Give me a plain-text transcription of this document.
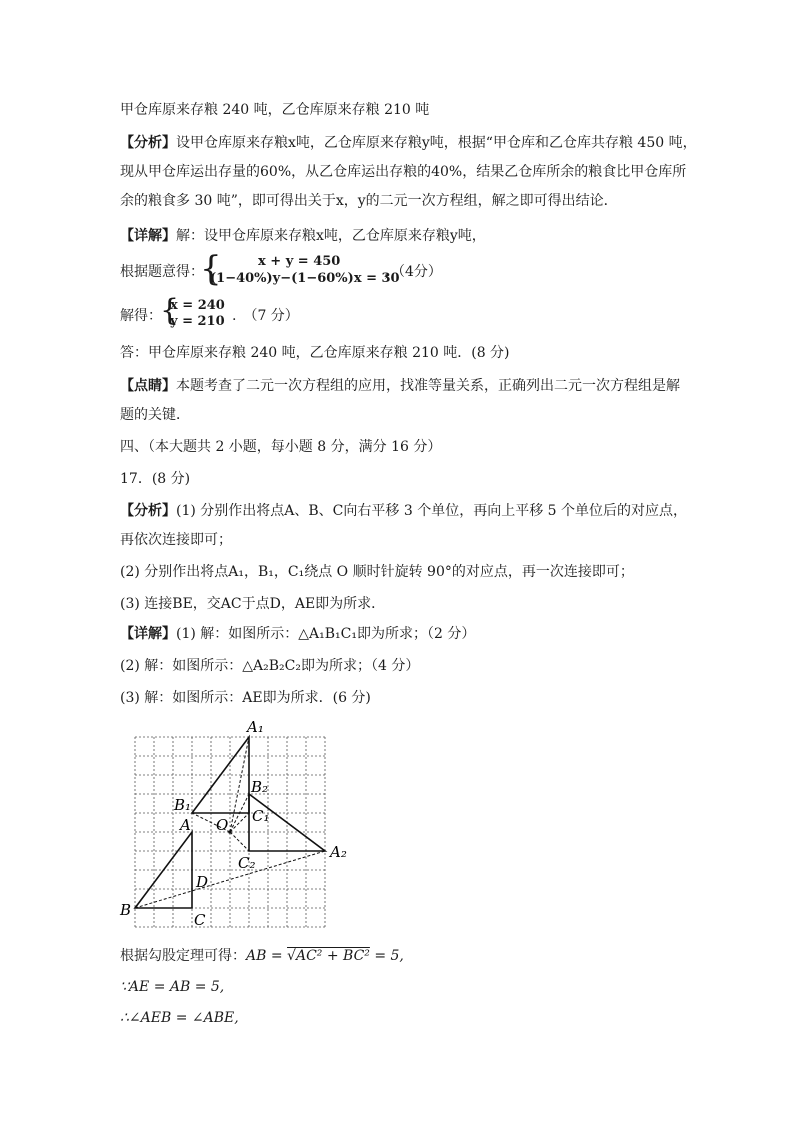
甲仓库原来存粮 240 吨，乙仓库原来存粮 210 吨
【分析】设甲仓库原来存粮x吨，乙仓库原来存粮y吨，根据“甲仓库和乙仓库共存粮 450 吨，
现从甲仓库运出存量的60%，从乙仓库运出存粮的40%，结果乙仓库所余的粮食比甲仓库所
余的粮食多 30 吨”，即可得出关于x，y的二元一次方程组，解之即可得出结论．
【详解】解：设甲仓库原来存粮x吨，乙仓库原来存粮y吨，
根据题意得：
{	x + y = 450
(1−40%)y−(1−60%)x = 30
，（4分）
解得：
{
x = 240
y = 210 .　（7 分）
答：甲仓库原来存粮 240 吨，乙仓库原来存粮 210 吨．(8 分)
【点睛】本题考查了二元一次方程组的应用，找准等量关系，正确列出二元一次方程组是解
题的关键．
四、（本大题共 2 小题，每小题 8 分，满分 16 分）
17．(8 分)
【分析】(1) 分别作出将点A、B、C向右平移 3 个单位，再向上平移 5 个单位后的对应点，
再依次连接即可；
(2) 分别作出将点A₁，B₁，C₁绕点 O 顺时针旋转 90°的对应点，再一次连接即可；
(3) 连接BE，交AC于点D，AE即为所求．
【详解】(1) 解：如图所示：△A₁B₁C₁即为所求；（2 分）
(2) 解：如图所示：△A₂B₂C₂即为所求；（4 分）
(3) 解：如图所示：AE即为所求．(6 分)
A₁
B₁
B₂
A O C₁
A₂
C₂
D
B
C
根据勾股定理可得：AB = √AC² + BC² = 5,
∵AE = AB = 5,
∴∠AEB = ∠ABE,
